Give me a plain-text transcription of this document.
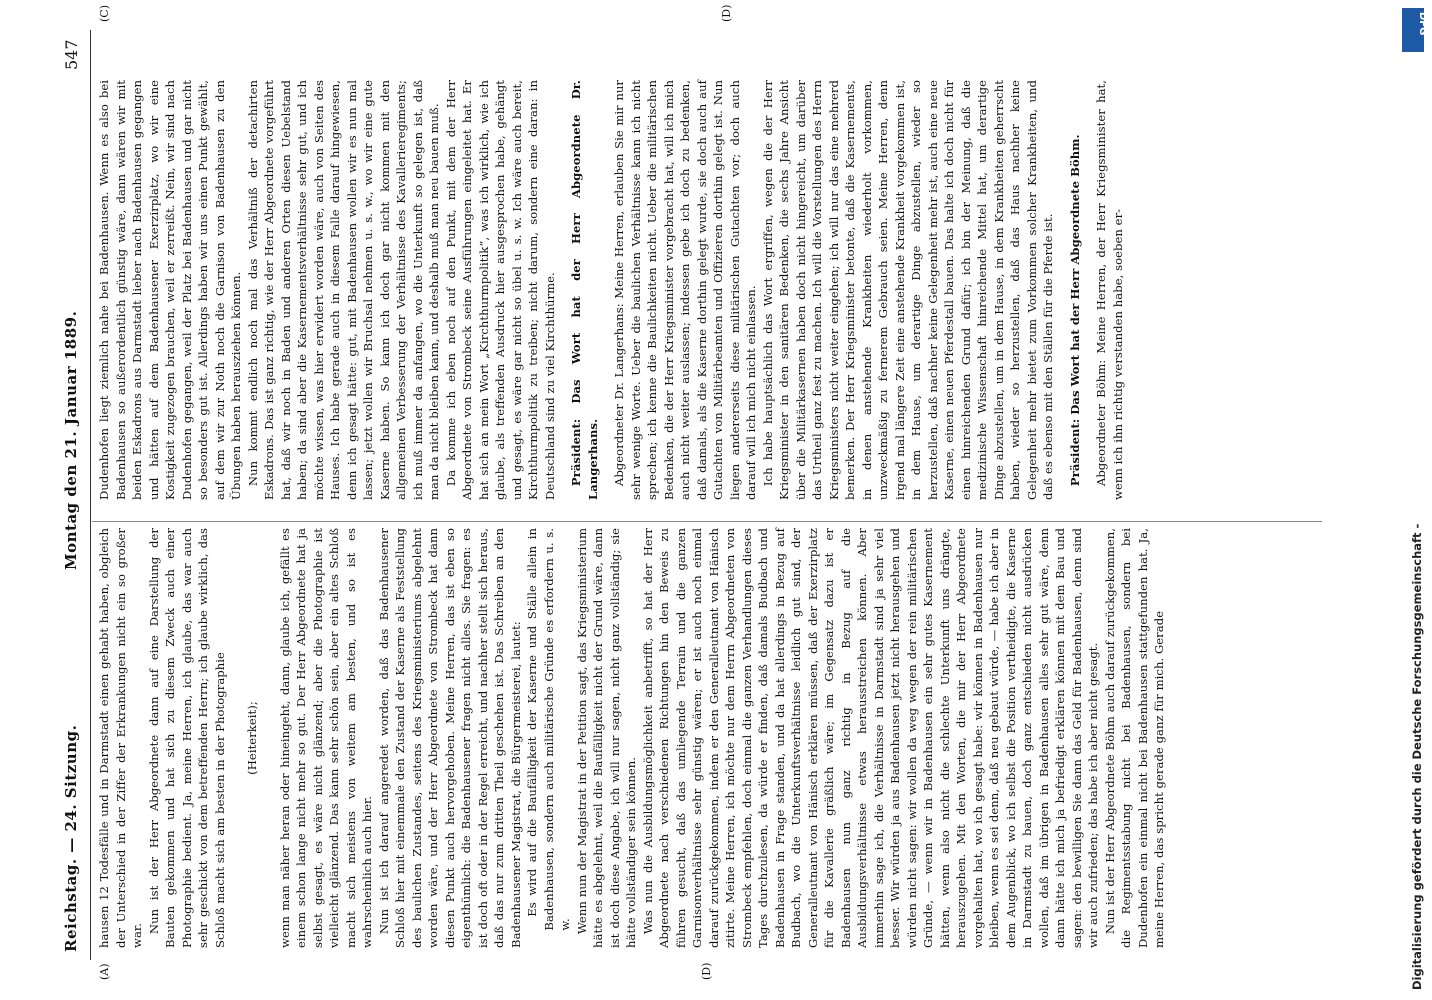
Reichstag. — 24. Sitzung.
Montag den 21. Januar 1889.
547
(A)	(D)
(C)	(D)

hausen 12 Todesfälle und in Darmstadt einen gehabt haben, obgleich der Unterschied in der Ziffer der Erkrankungen nicht ein so großer war.

Nun ist der Herr Abgeordnete dann auf eine Darstellung der Bauten gekommen und hat sich zu diesem Zweck auch einer Photographie bedient. Ja, meine Herren, ich glaube, das war auch sehr geschickt von dem betreffenden Herrn; ich glaube wirklich, das Schloß macht sich am besten in der Photographie (Heiterkeit); wenn man näher heran oder hineingeht, dann, glaube ich, gefällt es einem schon lange nicht mehr so gut. Der Herr Abgeordnete hat ja selbst gesagt, es wäre nicht glänzend; aber die Photographie ist vielleicht glänzend. Das kann sehr schön sein, aber ein altes Schloß macht sich meistens von weitem am besten, und so ist es wahrscheinlich auch hier. Nun ist ich darauf angeredet worden, daß das Badenhausener Schloß hier mit einemmale den Zustand der Kaserne als Feststellung des baulichen Zustandes, seitens des Kriegsministeriums abgelehnt worden wäre, und der Herr Abgeordnete von Strombeck hat dann diesen Punkt auch hervorgehoben. Meine Herren, das ist eben so eigenthümlich: die Badenhausener fragen nicht alles. Sie fragen: es ist doch oft oder in der Regel erreicht, und nachher stellt sich heraus, daß das nur zum dritten Theil geschehen ist. Das Schreiben an den Badenhausener Magistrat, die Bürgermeisterei, lautet: Es wird auf die Baufälligkeit der Kaserne und Ställe allein in Badenhausen, sondern auch militärische Gründe es erfordern u. s. w. Wenn nun der Magistrat in der Petition sagt, das Kriegsministerium hätte es abgelehnt, weil die Baufälligkeit nicht der Grund wäre, dann ist doch diese Angabe, ich will nur sagen, nicht ganz vollständig; sie hätte vollständiger sein können. Was nun die Ausbildungsmöglichkeit anbetrifft, so hat der Herr Abgeordnete nach verschiedenen Richtungen hin den Beweis zu führen gesucht, daß das umliegende Terrain und die ganzen Garnisonverhältnisse sehr günstig wären; er ist auch noch einmal darauf zurückgekommen, indem er den Generalleutnant von Hänisch zitirte. Meine Herren, ich möchte nur dem Herrn Abgeordneten von Strombeck empfehlen, doch einmal die ganzen Verhandlungen dieses Tages durchzulesen, da würde er finden, daß damals Budbach und Badenhausen in Frage standen, und da hat allerdings in Bezug auf Budbach, wo die Unterkunftsverhältnisse leidlich gut sind, der Generalleutnant von Hänisch erklären müssen, daß der Exerzirplatz für die Kavallerie gräßlich wäre; im Gegensatz dazu ist er Badenhausen nun ganz richtig in Bezug auf die Ausbildungsverhältnisse etwas herausstreichen können. Aber immerhin sage ich, die Verhältnisse in Darmstadt sind ja sehr viel besser. Wir würden ja aus Badenhausen jetzt nicht herausgehen und würden nicht sagen: wir wollen da weg wegen der rein militärischen Gründe, — wenn wir in Badenhausen ein sehr gutes Kasernement hätten, wenn also nicht die schlechte Unterkunft uns drängte, herauszugehen. Mit den Worten, die mir der Herr Abgeordnete vorgehalten hat, wo ich gesagt habe: wir können in Badenhausen nur bleiben, wenn es sei denn, daß neu gebaut würde, — habe ich aber in dem Augenblick, wo ich selbst die Position vertheidigte, die Kaserne in Darmstadt zu bauen, doch ganz entschieden nicht ausdrücken wollen, daß im übrigen in Badenhausen alles sehr gut wäre, denn dann hätte ich mich ja befriedigt erklären können mit dem Bau und sagen: den bewilligen Sie dann das Geld für Badenhausen, denn sind wir auch zufrieden; das habe ich aber nicht gesagt. Nun ist der Herr Abgeordnete Böhm auch darauf zurückgekommen, die Regimentsstabung nicht bei Badenhausen, sondern bei Dudenhofen ein einmal nicht bei Badenhausen stattgefunden hat. Ja, meine Herren, das spricht gerade ganz für mich. Gerade

Dudenhofen liegt ziemlich nahe bei Badenhausen. Wenn es also bei Badenhausen so außerordentlich günstig wäre, dann wären wir mit beiden Eskadrons aus Darmstadt lieber nach Badenhausen gegangen und hätten auf dem Badenhausener Exerzirplatz, wo wir eine Kostigkeit zugezogen brauchen, weil er zerreißt. Nein, wir sind nach Dudenhofen gegangen, weil der Platz bei Badenhausen und gar nicht so besonders gut ist. Allerdings haben wir uns einen Punkt gewählt, auf dem wir zur Noth noch die Garnison von Badenhausen zu den Übungen haben herausziehen können. Nun kommt endlich noch mal das Verhältniß der detachirten Eskadrons. Das ist ganz richtig, wie der Herr Abgeordnete vorgeführt hat, daß wir noch in Baden und anderen Orten diesen Uebelstand haben; da sind aber die Kasernementsverhältnisse sehr gut, und ich möchte wissen, was hier erwidert worden wäre, auch von Seiten des Hauses. Ich habe gerade auch in diesem Falle darauf hingewiesen, denn ich gesagt hätte: gut, mit Badenhausen wollen wir es nun mal lassen; jetzt wollen wir Bruchsal nehmen u. s. w., wo wir eine gute Kaserne haben. So kann ich doch gar nicht kommen mit den allgemeinen Verbesserung der Verhältnisse des Kavallerieregiments; ich muß immer da anfangen, wo die Unterkunft so gelegen ist, daß man da nicht bleiben kann, und deshalb muß man neu bauen muß. Da komme ich eben noch auf den Punkt, mit dem der Herr Abgeordnete von Strombeck seine Ausführungen eingeleitet hat. Er hat sich an mein Wort „Kirchthurmpolitik“, was ich wirklich, wie ich glaube, als treffenden Ausdruck hier ausgesprochen habe, gehängt und gesagt, es wäre gar nicht so übel u. s. w. Ich wäre auch bereit, Kirchthurmpolitik zu treiben; nicht darum, sondern eine daran: in Deutschland sind zu viel Kirchthürme. Präsident: Das Wort hat der Herr Abgeordnete Dr. Langerhans. Abgeordneter Dr. Langerhans: Meine Herren, erlauben Sie mir nur sehr wenige Worte. Ueber die baulichen Verhältnisse kann ich nicht sprechen; ich kenne die Baulichkeiten nicht. Ueber die militärischen Bedenken, die der Herr Kriegsminister vorgebracht hat, will ich mich auch nicht weiter auslassen; indessen gebe ich doch zu bedenken, daß damals, als die Kaserne dorthin gelegt wurde, sie doch auch auf Gutachten von Militärbeamten und Offizieren dorthin gelegt ist. Nun liegen andererseits diese militärischen Gutachten vor; doch auch darauf will ich mich nicht einlassen. Ich habe hauptsächlich das Wort ergriffen, wegen die der Herr Kriegsminister in den sanitären Bedenken, die sechs Jahre Ansicht über die Militärkasernen haben doch nicht hingereicht, um darüber das Urtheil ganz fest zu machen. Ich will die Vorstellungen des Herrn Kriegsministers nicht weiter eingehen; ich will nur das eine mehrerd bemerken. Der Herr Kriegsminister betonte, daß die Kasernements, in denen anstehende Krankheiten wiederholt vorkommen, unzweckmäßig zu fernerem Gebrauch seien. Meine Herren, denn irgend mal längere Zeit eine anstehende Krankheit vorgekommen ist, in dem Hause, um derartige Dinge abzustellen, wieder so herzustellen, daß nachher keine Gelegenheit mehr ist, auch eine neue Kaserne, einen neuen Pferdestall bauen. Das halte ich doch nicht für einen hinreichenden Grund dafür; ich bin der Meinung, daß die medizinische Wissenschaft hinreichende Mittel hat, um derartige Dinge abzustellen, um in dem Hause, in dem Krankheiten geherrscht haben, wieder so herzustellen, daß das Haus nachher keine Gelegenheit mehr bietet zum Vorkommen solcher Krankheiten, und daß es ebenso mit den Ställen für die Pferde ist. Präsident: Das Wort hat der Herr Abgeordnete Böhm. Abgeordneter Böhm: Meine Herren, der Herr Kriegsminister hat, wenn ich ihn richtig verstanden habe, soeben er-

DFG
Digitalisierung gefördert durch die Deutsche Forschungsgemeinschaft -
